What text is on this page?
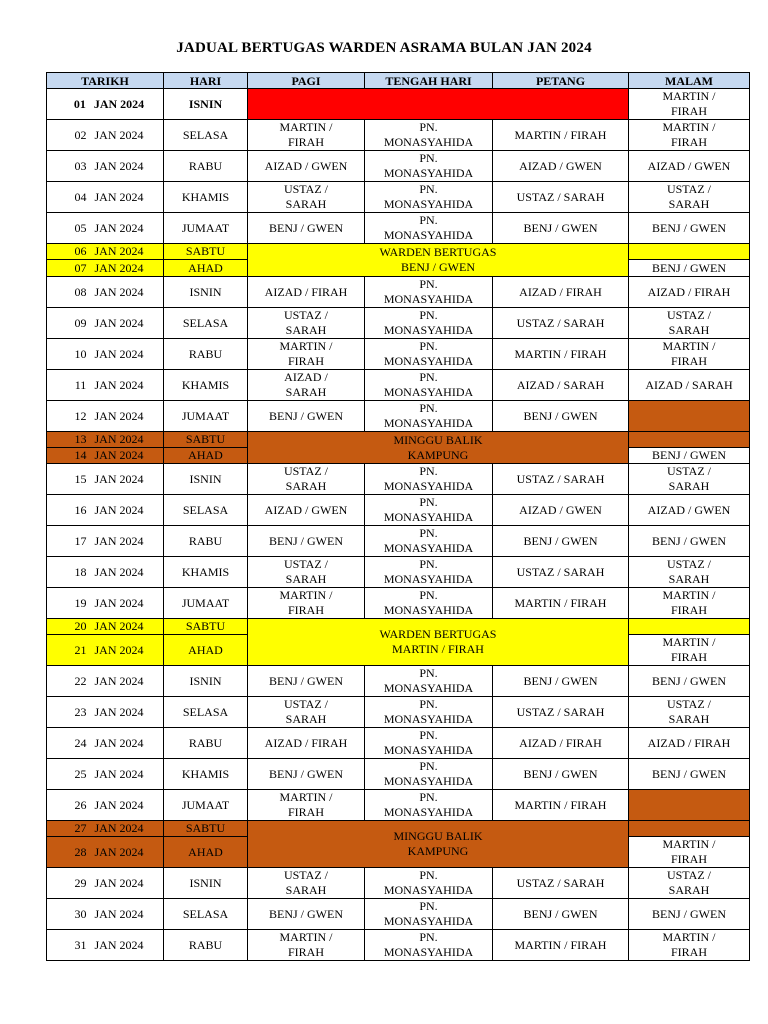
JADUAL BERTUGAS WARDEN ASRAMA BULAN JAN 2024
TARIKH	HARI	PAGI	TENGAH HARI	PETANG	MALAM
01 JAN 2024	ISNIN				MARTIN /
FIRAH
02 JAN 2024	SELASA	MARTIN /
FIRAH	PN.
MONASYAHIDA	MARTIN / FIRAH	MARTIN /
FIRAH
03 JAN 2024	RABU	AIZAD / GWEN	PN.
MONASYAHIDA	AIZAD / GWEN	AIZAD / GWEN
04 JAN 2024	KHAMIS	USTAZ /
SARAH	PN.
MONASYAHIDA	USTAZ / SARAH	USTAZ /
SARAH
05 JAN 2024	JUMAAT	BENJ / GWEN	PN.
MONASYAHIDA	BENJ / GWEN	BENJ / GWEN
06 JAN 2024	SABTU	WARDEN BERTUGAS
BENJ / GWEN			
07 JAN 2024	AHAD				BENJ / GWEN
08 JAN 2024	ISNIN	AIZAD / FIRAH	PN.
MONASYAHIDA	AIZAD / FIRAH	AIZAD / FIRAH
09 JAN 2024	SELASA	USTAZ /
SARAH	PN.
MONASYAHIDA	USTAZ / SARAH	USTAZ /
SARAH
10 JAN 2024	RABU	MARTIN /
FIRAH	PN.
MONASYAHIDA	MARTIN / FIRAH	MARTIN /
FIRAH
11 JAN 2024	KHAMIS	AIZAD /
SARAH	PN.
MONASYAHIDA	AIZAD / SARAH	AIZAD / SARAH
12 JAN 2024	JUMAAT	BENJ / GWEN	PN.
MONASYAHIDA	BENJ / GWEN	
13 JAN 2024	SABTU	MINGGU BALIK
KAMPUNG			
14 JAN 2024	AHAD				BENJ / GWEN
15 JAN 2024	ISNIN	USTAZ /
SARAH	PN.
MONASYAHIDA	USTAZ / SARAH	USTAZ /
SARAH
16 JAN 2024	SELASA	AIZAD / GWEN	PN.
MONASYAHIDA	AIZAD / GWEN	AIZAD / GWEN
17 JAN 2024	RABU	BENJ / GWEN	PN.
MONASYAHIDA	BENJ / GWEN	BENJ / GWEN
18 JAN 2024	KHAMIS	USTAZ /
SARAH	PN.
MONASYAHIDA	USTAZ / SARAH	USTAZ /
SARAH
19 JAN 2024	JUMAAT	MARTIN /
FIRAH	PN.
MONASYAHIDA	MARTIN / FIRAH	MARTIN /
FIRAH
20 JAN 2024	SABTU	WARDEN BERTUGAS
MARTIN / FIRAH			
21 JAN 2024	AHAD				MARTIN /
FIRAH
22 JAN 2024	ISNIN	BENJ / GWEN	PN.
MONASYAHIDA	BENJ / GWEN	BENJ / GWEN
23 JAN 2024	SELASA	USTAZ /
SARAH	PN.
MONASYAHIDA	USTAZ / SARAH	USTAZ /
SARAH
24 JAN 2024	RABU	AIZAD / FIRAH	PN.
MONASYAHIDA	AIZAD / FIRAH	AIZAD / FIRAH
25 JAN 2024	KHAMIS	BENJ / GWEN	PN.
MONASYAHIDA	BENJ / GWEN	BENJ / GWEN
26 JAN 2024	JUMAAT	MARTIN /
FIRAH	PN.
MONASYAHIDA	MARTIN / FIRAH	
27 JAN 2024	SABTU	MINGGU BALIK
KAMPUNG			
28 JAN 2024	AHAD				MARTIN /
FIRAH
29 JAN 2024	ISNIN	USTAZ /
SARAH	PN.
MONASYAHIDA	USTAZ / SARAH	USTAZ /
SARAH
30 JAN 2024	SELASA	BENJ / GWEN	PN.
MONASYAHIDA	BENJ / GWEN	BENJ / GWEN
31 JAN 2024	RABU	MARTIN /
FIRAH	PN.
MONASYAHIDA	MARTIN / FIRAH	MARTIN /
FIRAH
